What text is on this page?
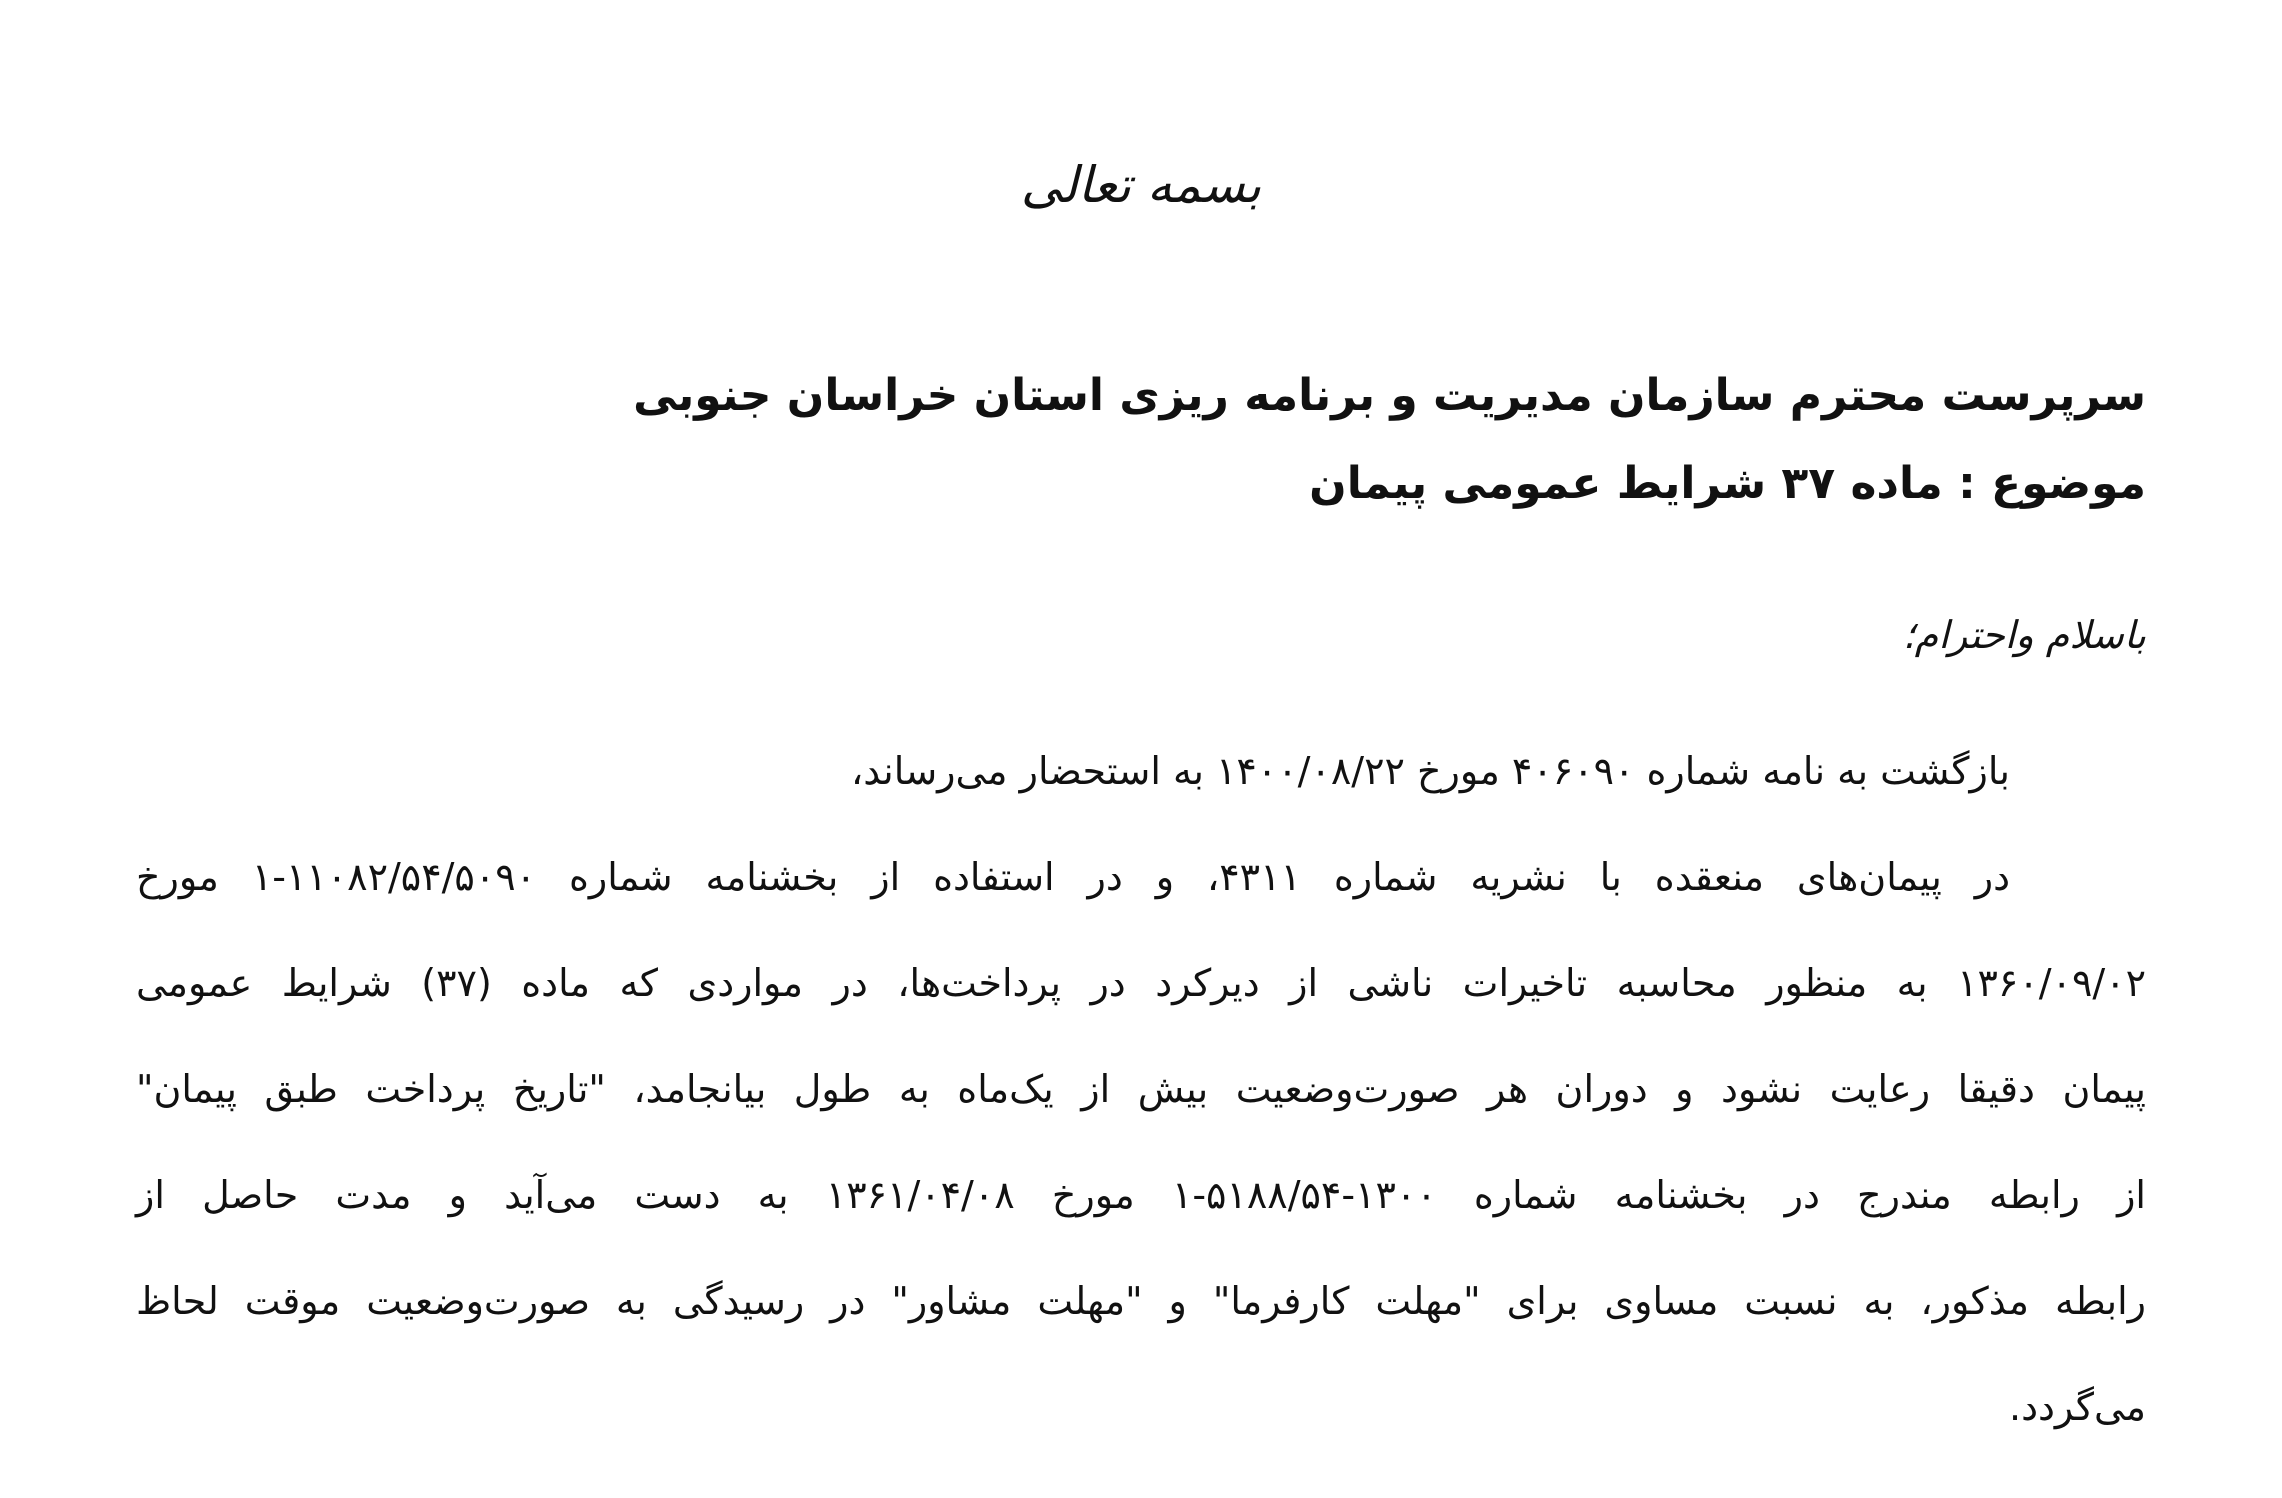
بسمه تعالی
سرپرست محترم سازمان مدیریت و برنامه ریزی استان خراسان جنوبی
موضوع : ماده ۳۷ شرایط عمومی پیمان
باسلام واحترام؛
بازگشت به نامه شماره ۴۰۶۰۹۰ مورخ ۱۴۰۰/۰۸/۲۲ به استحضار می‌رساند،
در پیمان‌های منعقده با نشریه شماره ۴۳۱۱، و در استفاده از بخشنامه شماره ۱۱۰۸۲/۵۴/۵۰۹۰-۱ مورخ
۱۳۶۰/۰۹/۰۲ به منظور محاسبه تاخیرات ناشی از دیرکرد در پرداخت‌ها، در مواردی که ماده (۳۷) شرایط عمومی
پیمان دقیقا رعایت نشود و دوران هر صورت‌وضعیت بیش از یک‌ماه به طول بیانجامد، "تاریخ پرداخت طبق پیمان"
از رابطه مندرج در بخشنامه شماره ۱۳۰۰-۵۱۸۸/۵۴-۱ مورخ ۱۳۶۱/۰۴/۰۸ به دست می‌آید و مدت حاصل از
رابطه مذکور، به نسبت مساوی برای "مهلت کارفرما" و "مهلت مشاور" در رسیدگی به صورت‌وضعیت موقت لحاظ
می‌گردد.
